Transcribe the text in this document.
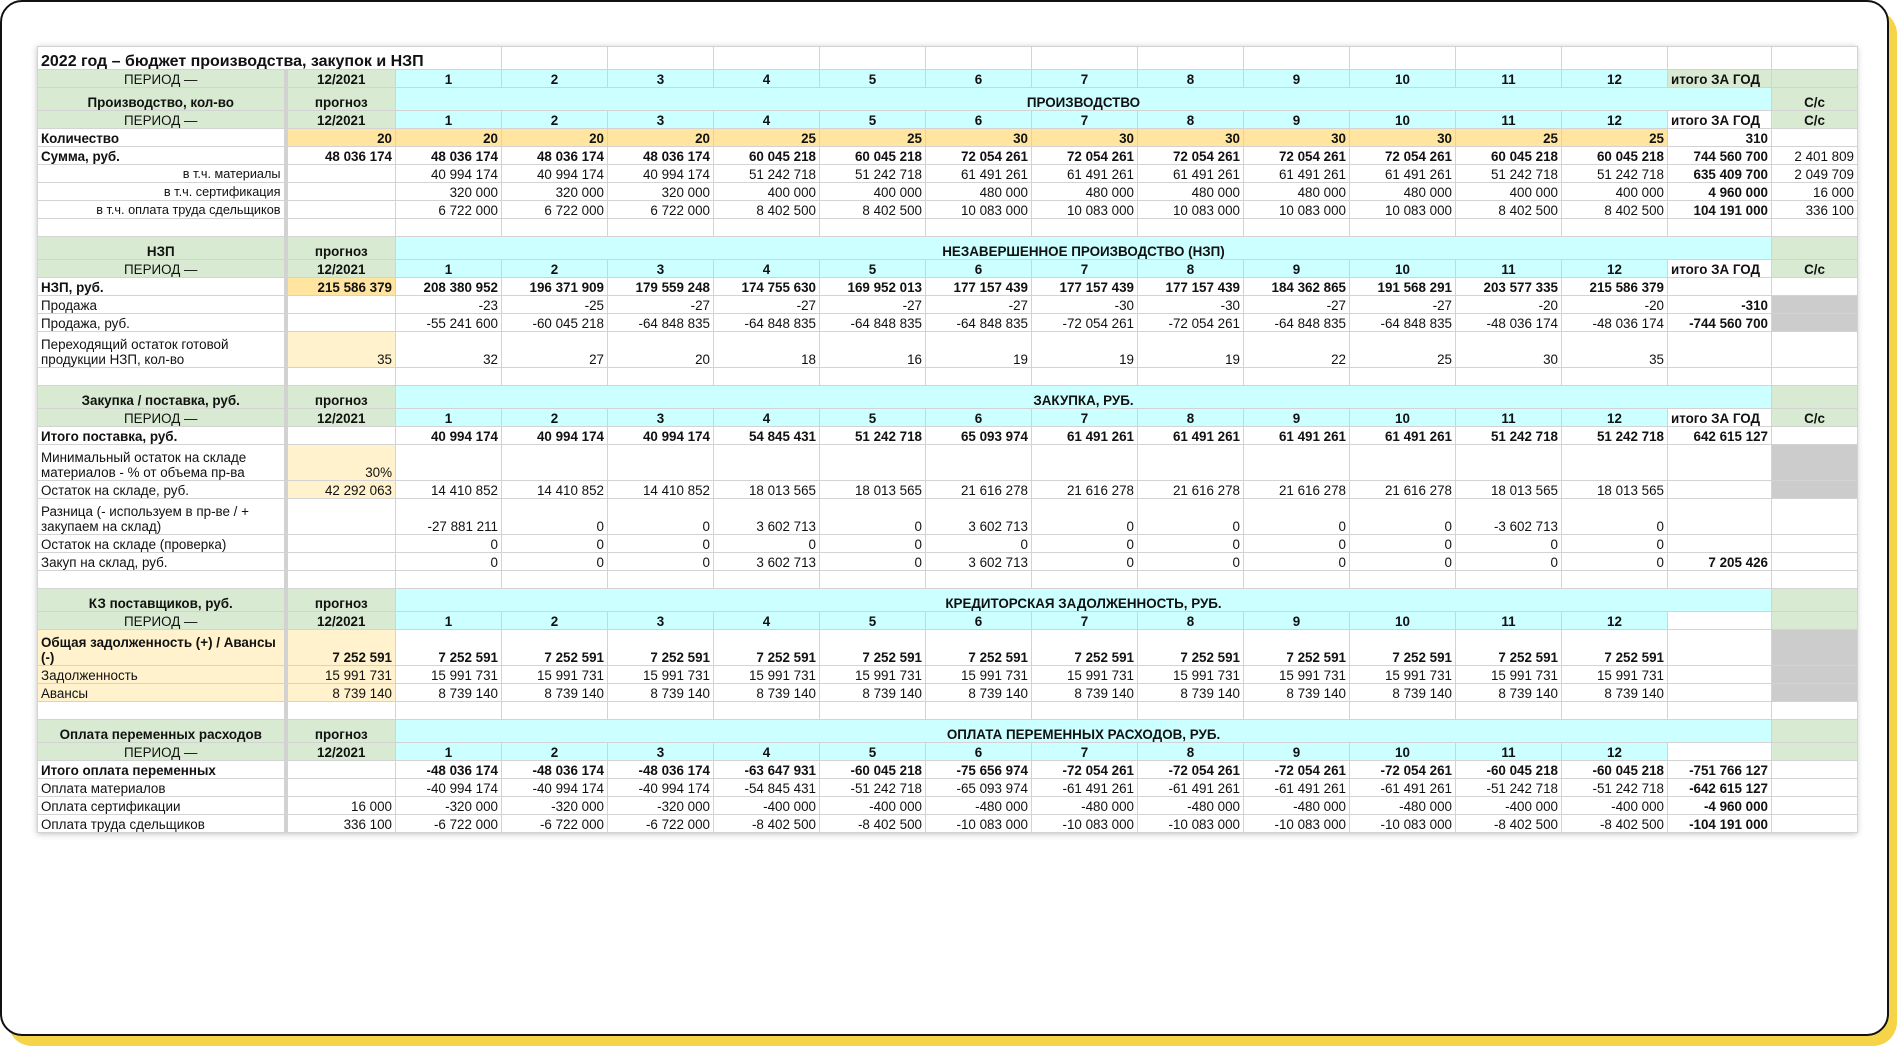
2022 год – бюджет производства, закупок и НЗП															
ПЕРИОД —	12/2021	1	2	3	4	5	6	7	8	9	10	11	12	итого ЗА ГОД	
Производство, кол-во	прогноз	ПРОИЗВОДСТВО													С/с
ПЕРИОД —	12/2021	1	2	3	4	5	6	7	8	9	10	11	12	итого ЗА ГОД	С/с
Количество	20	20	20	20	25	25	30	30	30	30	30	25	25	310	
Сумма, руб.	48 036 174	48 036 174	48 036 174	48 036 174	60 045 218	60 045 218	72 054 261	72 054 261	72 054 261	72 054 261	72 054 261	60 045 218	60 045 218	744 560 700	2 401 809
в т.ч. материалы		40 994 174	40 994 174	40 994 174	51 242 718	51 242 718	61 491 261	61 491 261	61 491 261	61 491 261	61 491 261	51 242 718	51 242 718	635 409 700	2 049 709
в т.ч. сертификация		320 000	320 000	320 000	400 000	400 000	480 000	480 000	480 000	480 000	480 000	400 000	400 000	4 960 000	16 000
в т.ч. оплата труда сдельщиков		6 722 000	6 722 000	6 722 000	8 402 500	8 402 500	10 083 000	10 083 000	10 083 000	10 083 000	10 083 000	8 402 500	8 402 500	104 191 000	336 100

НЗП	прогноз	НЕЗАВЕРШЕННОЕ ПРОИЗВОДСТВО (НЗП)													
ПЕРИОД —	12/2021	1	2	3	4	5	6	7	8	9	10	11	12	итого ЗА ГОД	С/с
НЗП, руб.	215 586 379	208 380 952	196 371 909	179 559 248	174 755 630	169 952 013	177 157 439	177 157 439	177 157 439	184 362 865	191 568 291	203 577 335	215 586 379		
Продажа		-23	-25	-27	-27	-27	-27	-30	-30	-27	-27	-20	-20	-310	
Продажа, руб.		-55 241 600	-60 045 218	-64 848 835	-64 848 835	-64 848 835	-64 848 835	-72 054 261	-72 054 261	-64 848 835	-64 848 835	-48 036 174	-48 036 174	-744 560 700	
Переходящий остаток готовой продукции НЗП, кол-во	35	32	27	20	18	16	19	19	19	22	25	30	35		

Закупка / поставка, руб.	прогноз	ЗАКУПКА, РУБ.													
ПЕРИОД —	12/2021	1	2	3	4	5	6	7	8	9	10	11	12	итого ЗА ГОД	С/с
Итого поставка, руб.		40 994 174	40 994 174	40 994 174	54 845 431	51 242 718	65 093 974	61 491 261	61 491 261	61 491 261	61 491 261	51 242 718	51 242 718	642 615 127	
Минимальный остаток на складе материалов - % от объема пр-ва	30%														
Остаток на складе, руб.	42 292 063	14 410 852	14 410 852	14 410 852	18 013 565	18 013 565	21 616 278	21 616 278	21 616 278	21 616 278	21 616 278	18 013 565	18 013 565		
Разница (- используем в пр-ве / + закупаем на склад)		-27 881 211	0	0	3 602 713	0	3 602 713	0	0	0	0	-3 602 713	0		
Остаток на складе (проверка)		0	0	0	0	0	0	0	0	0	0	0	0		
Закуп на склад, руб.		0	0	0	3 602 713	0	3 602 713	0	0	0	0	0	0	7 205 426	

КЗ поставщиков, руб.	прогноз	КРЕДИТОРСКАЯ ЗАДОЛЖЕННОСТЬ, РУБ.													
ПЕРИОД —	12/2021	1	2	3	4	5	6	7	8	9	10	11	12		
Общая задолженность (+) / Авансы (-)	7 252 591	7 252 591	7 252 591	7 252 591	7 252 591	7 252 591	7 252 591	7 252 591	7 252 591	7 252 591	7 252 591	7 252 591	7 252 591		
Задолженность	15 991 731	15 991 731	15 991 731	15 991 731	15 991 731	15 991 731	15 991 731	15 991 731	15 991 731	15 991 731	15 991 731	15 991 731	15 991 731		
Авансы	8 739 140	8 739 140	8 739 140	8 739 140	8 739 140	8 739 140	8 739 140	8 739 140	8 739 140	8 739 140	8 739 140	8 739 140	8 739 140		

Оплата переменных расходов	прогноз	ОПЛАТА ПЕРЕМЕННЫХ РАСХОДОВ, РУБ.													
ПЕРИОД —	12/2021	1	2	3	4	5	6	7	8	9	10	11	12		
Итого оплата переменных		-48 036 174	-48 036 174	-48 036 174	-63 647 931	-60 045 218	-75 656 974	-72 054 261	-72 054 261	-72 054 261	-72 054 261	-60 045 218	-60 045 218	-751 766 127	
Оплата материалов		-40 994 174	-40 994 174	-40 994 174	-54 845 431	-51 242 718	-65 093 974	-61 491 261	-61 491 261	-61 491 261	-61 491 261	-51 242 718	-51 242 718	-642 615 127	
Оплата сертификации	16 000	-320 000	-320 000	-320 000	-400 000	-400 000	-480 000	-480 000	-480 000	-480 000	-480 000	-400 000	-400 000	-4 960 000	
Оплата труда сдельщиков	336 100	-6 722 000	-6 722 000	-6 722 000	-8 402 500	-8 402 500	-10 083 000	-10 083 000	-10 083 000	-10 083 000	-10 083 000	-8 402 500	-8 402 500	-104 191 000	
